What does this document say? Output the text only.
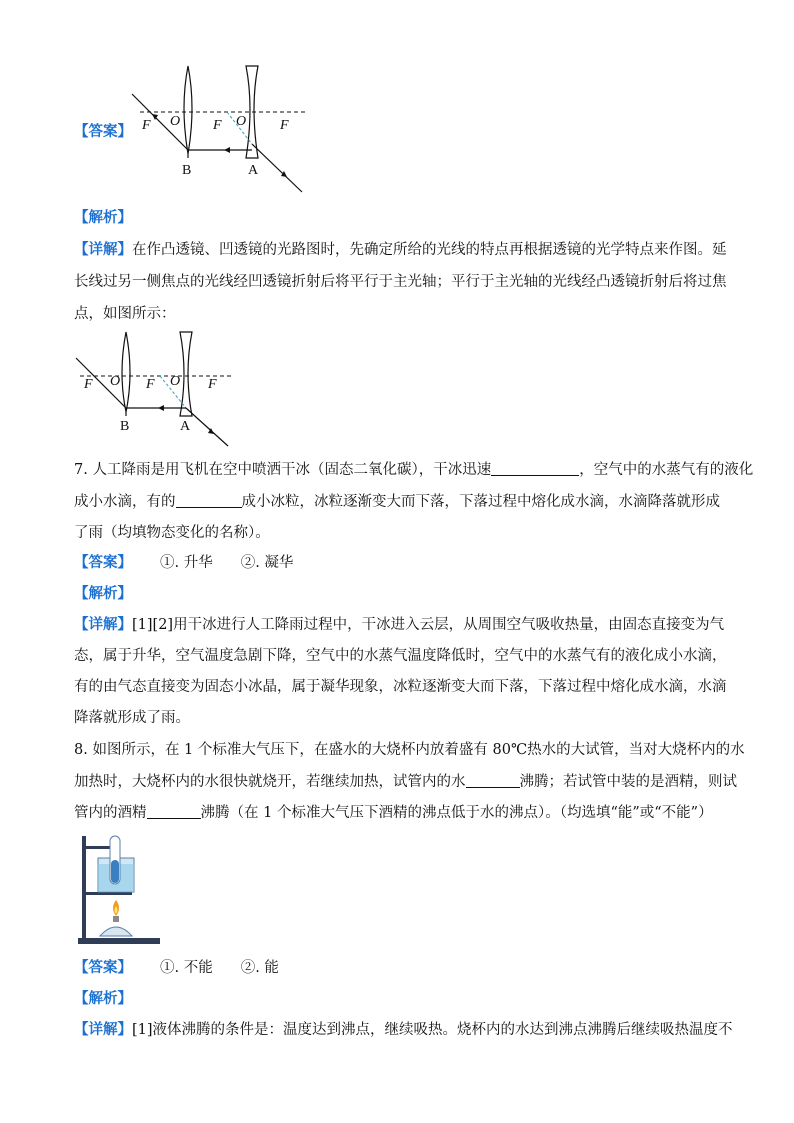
【答案】 F O F O F
B	A
【解析】
【详解】在作凸透镜、凹透镜的光路图时，先确定所给的光线的特点再根据透镜的光学特点来作图。延
长线过另一侧焦点的光线经凹透镜折射后将平行于主光轴；平行于主光轴的光线经凸透镜折射后将过焦
点，如图所示：
F O F O F
B	A
7. 人工降雨是用飞机在空中喷洒干冰（固态二氧化碳），干冰迅速	，空气中的水蒸气有的液化
成小水滴，有的	成小冰粒，冰粒逐渐变大而下落，下落过程中熔化成水滴，水滴降落就形成
了雨（均填物态变化的名称）。
【答案】 ①. 升华 ②. 凝华
【解析】
【详解】[1][2]用干冰进行人工降雨过程中，干冰进入云层，从周围空气吸收热量，由固态直接变为气
态，属于升华，空气温度急剧下降，空气中的水蒸气温度降低时，空气中的水蒸气有的液化成小水滴，
有的由气态直接变为固态小冰晶，属于凝华现象，冰粒逐渐变大而下落，下落过程中熔化成水滴，水滴
降落就形成了雨。
8. 如图所示，在 1 个标准大气压下，在盛水的大烧杯内放着盛有 80℃热水的大试管，当对大烧杯内的水
加热时，大烧杯内的水很快就烧开，若继续加热，试管内的水	沸腾；若试管中装的是酒精，则试
管内的酒精	沸腾（在 1 个标准大气压下酒精的沸点低于水的沸点）。（均选填“能”或“不能”）
【答案】 ①. 不能 ②. 能
【解析】
【详解】[1]液体沸腾的条件是：温度达到沸点，继续吸热。烧杯内的水达到沸点沸腾后继续吸热温度不
